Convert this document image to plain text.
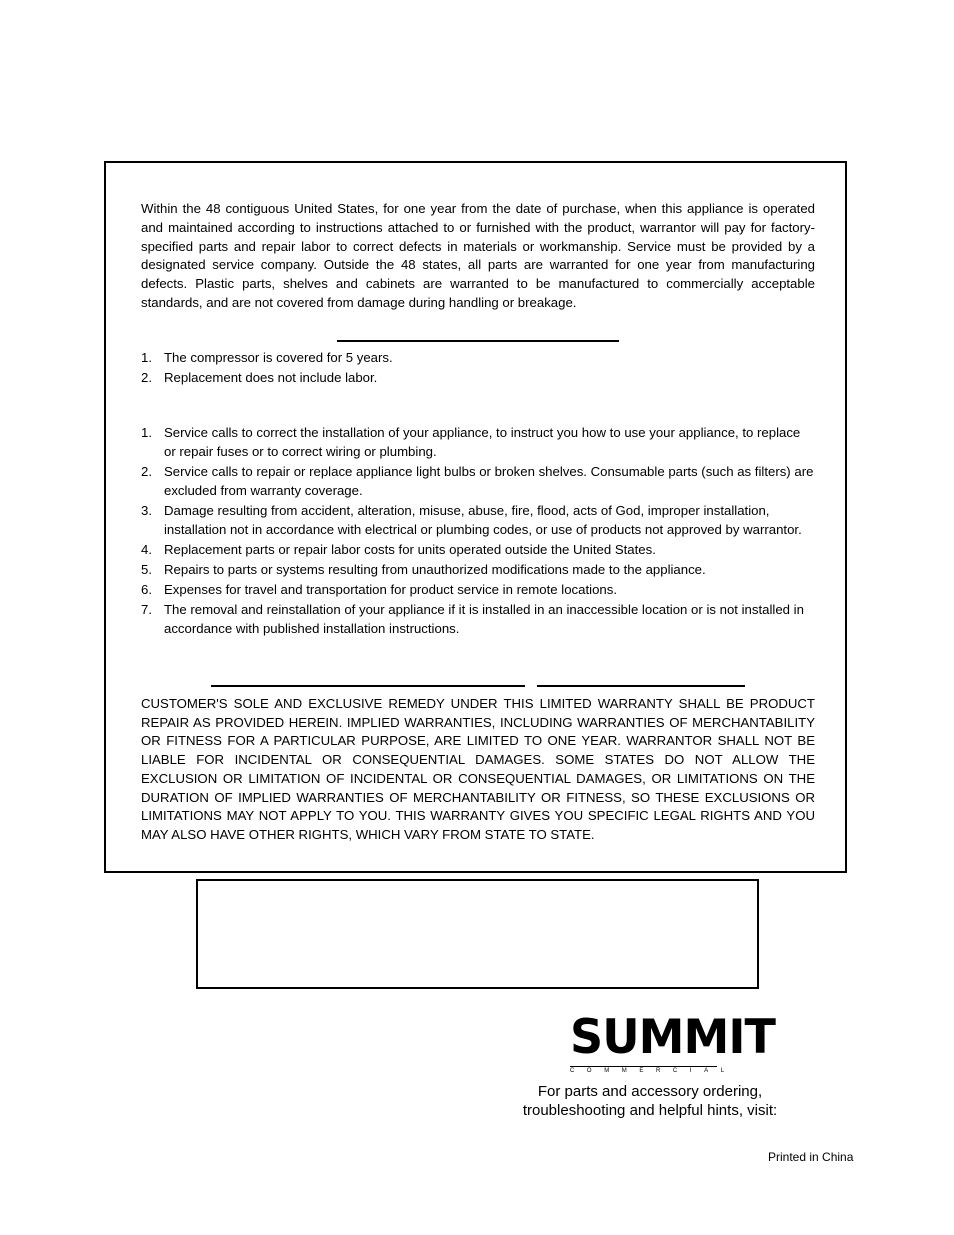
Within the 48 contiguous United States, for one year from the date of purchase, when this appliance is operated and maintained according to instructions attached to or furnished with the product, warrantor will pay for factory-specified parts and repair labor to correct defects in materials or workmanship. Service must be provided by a designated service company. Outside the 48 states, all parts are warranted for one year from manufacturing defects. Plastic parts, shelves and cabinets are warranted to be manufactured to commercially acceptable standards, and are not covered from damage during handling or breakage.

1. The compressor is covered for 5 years.
2. Replacement does not include labor.
1. Service calls to correct the installation of your appliance, to instruct you how to use your appliance, to replace or repair fuses or to correct wiring or plumbing.
2. Service calls to repair or replace appliance light bulbs or broken shelves. Consumable parts (such as filters) are excluded from warranty coverage.
3. Damage resulting from accident, alteration, misuse, abuse, fire, flood, acts of God, improper installation, installation not in accordance with electrical or plumbing codes, or use of products not approved by warrantor.
4. Replacement parts or repair labor costs for units operated outside the United States.
5. Repairs to parts or systems resulting from unauthorized modifications made to the appliance.
6. Expenses for travel and transportation for product service in remote locations.
7. The removal and reinstallation of your appliance if it is installed in an inaccessible location or is not installed in accordance with published installation instructions.

CUSTOMER'S SOLE AND EXCLUSIVE REMEDY UNDER THIS LIMITED WARRANTY SHALL BE PRODUCT REPAIR AS PROVIDED HEREIN. IMPLIED WARRANTIES, INCLUDING WARRANTIES OF MERCHANTABILITY OR FITNESS FOR A PARTICULAR PURPOSE, ARE LIMITED TO ONE YEAR. WARRANTOR SHALL NOT BE LIABLE FOR INCIDENTAL OR CONSEQUENTIAL DAMAGES. SOME STATES DO NOT ALLOW THE EXCLUSION OR LIMITATION OF INCIDENTAL OR CONSEQUENTIAL DAMAGES, OR LIMITATIONS ON THE DURATION OF IMPLIED WARRANTIES OF MERCHANTABILITY OR FITNESS, SO THESE EXCLUSIONS OR LIMITATIONS MAY NOT APPLY TO YOU. THIS WARRANTY GIVES YOU SPECIFIC LEGAL RIGHTS AND YOU MAY ALSO HAVE OTHER RIGHTS, WHICH VARY FROM STATE TO STATE.

SUMMIT
COMMERCIAL
For parts and accessory ordering,
troubleshooting and helpful hints, visit:
Printed in China
